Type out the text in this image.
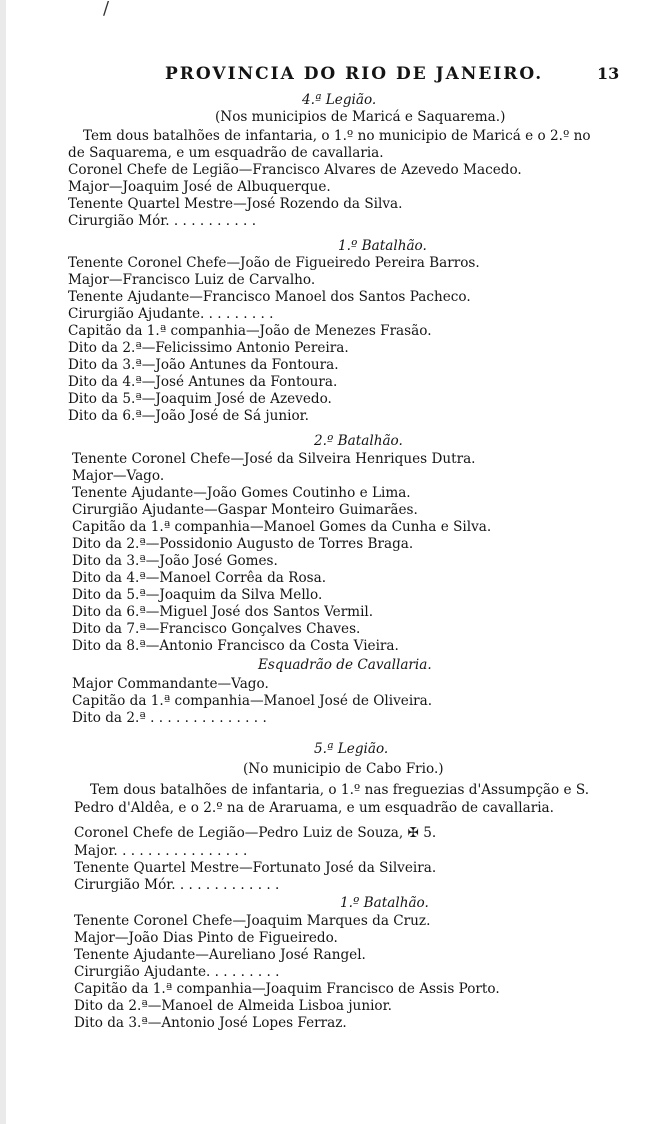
/
PROVINCIA DO RIO DE JANEIRO.	13
4.ª Legião.
(Nos municipios de Maricá e Saquarema.)
Tem dous batalhões de infantaria, o 1.º no municipio de Maricá e o 2.º no
de Saquarema, e um esquadrão de cavallaria.
Coronel Chefe de Legião—Francisco Alvares de Azevedo Macedo.
Major—Joaquim José de Albuquerque.
Tenente Quartel Mestre—José Rozendo da Silva.
Cirurgião Mór. . . . . . . . . . .
1.º Batalhão.
Tenente Coronel Chefe—João de Figueiredo Pereira Barros.
Major—Francisco Luiz de Carvalho.
Tenente Ajudante—Francisco Manoel dos Santos Pacheco.
Cirurgião Ajudante. . . . . . . . .
Capitão da 1.ª companhia—João de Menezes Frasão.
Dito da 2.ª—Felicissimo Antonio Pereira.
Dito da 3.ª—João Antunes da Fontoura.
Dito da 4.ª—José Antunes da Fontoura.
Dito da 5.ª—Joaquim José de Azevedo.
Dito da 6.ª—João José de Sá junior.
2.º Batalhão.
Tenente Coronel Chefe—José da Silveira Henriques Dutra.
Major—Vago.
Tenente Ajudante—João Gomes Coutinho e Lima.
Cirurgião Ajudante—Gaspar Monteiro Guimarães.
Capitão da 1.ª companhia—Manoel Gomes da Cunha e Silva.
Dito da 2.ª—Possidonio Augusto de Torres Braga.
Dito da 3.ª—João José Gomes.
Dito da 4.ª—Manoel Corrêa da Rosa.
Dito da 5.ª—Joaquim da Silva Mello.
Dito da 6.ª—Miguel José dos Santos Vermil.
Dito da 7.ª—Francisco Gonçalves Chaves.
Dito da 8.ª—Antonio Francisco da Costa Vieira.
Esquadrão de Cavallaria.
Major Commandante—Vago.
Capitão da 1.ª companhia—Manoel José de Oliveira.
Dito da 2.ª . . . . . . . . . . . . . .
5.ª Legião.
(No municipio de Cabo Frio.)
Tem dous batalhões de infantaria, o 1.º nas freguezias d'Assumpção e S.
Pedro d'Aldêa, e o 2.º na de Araruama, e um esquadrão de cavallaria.
Coronel Chefe de Legião—Pedro Luiz de Souza, ✠ 5.
Major. . . . . . . . . . . . . . . .
Tenente Quartel Mestre—Fortunato José da Silveira.
Cirurgião Mór. . . . . . . . . . . . .
1.º Batalhão.
Tenente Coronel Chefe—Joaquim Marques da Cruz.
Major—João Dias Pinto de Figueiredo.
Tenente Ajudante—Aureliano José Rangel.
Cirurgião Ajudante. . . . . . . . .
Capitão da 1.ª companhia—Joaquim Francisco de Assis Porto.
Dito da 2.ª—Manoel de Almeida Lisboa junior.
Dito da 3.ª—Antonio José Lopes Ferraz.
